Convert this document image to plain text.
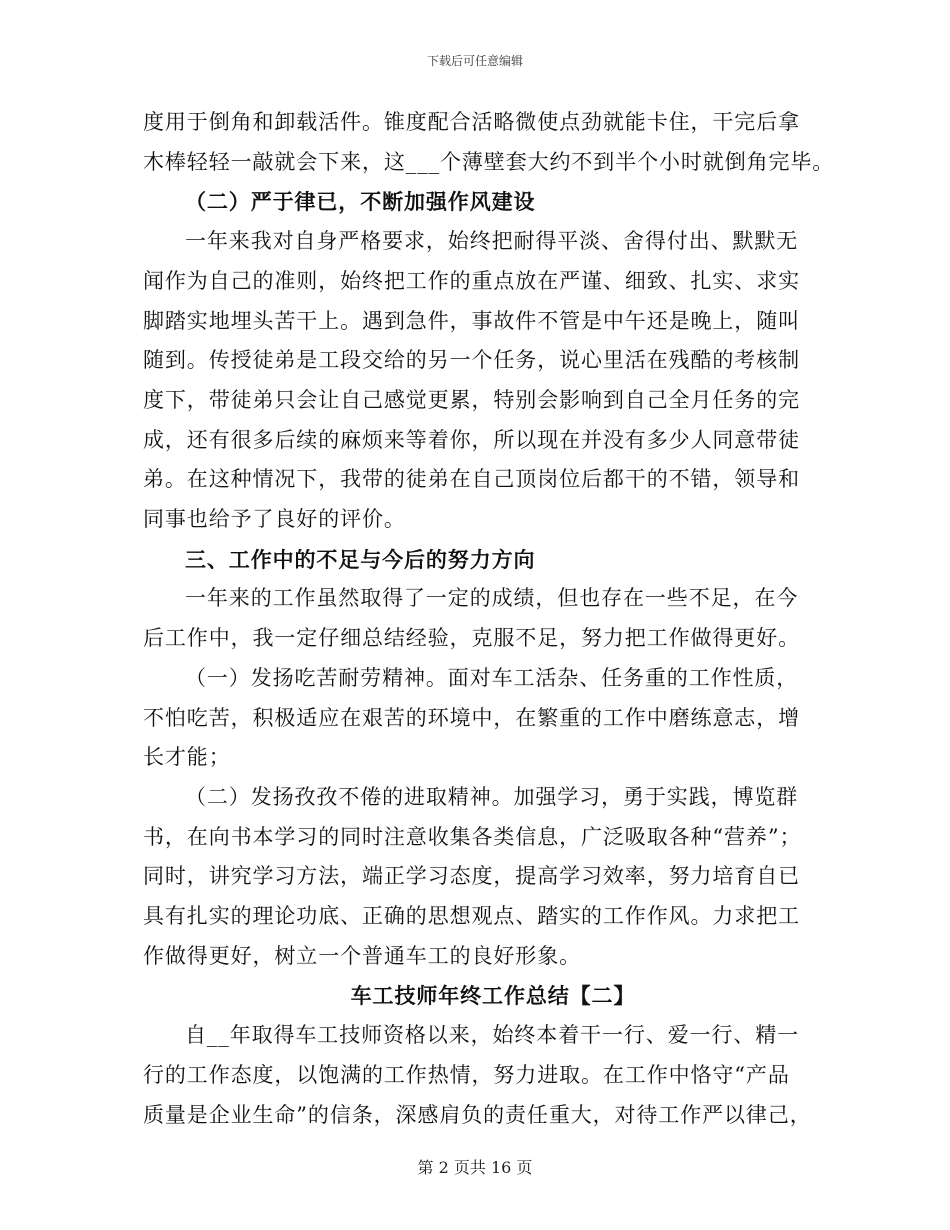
下载后可任意编辑
度用于倒角和卸载活件。锥度配合活略微使点劲就能卡住，干完后拿
木棒轻轻一敲就会下来，这___个薄壁套大约不到半个小时就倒角完毕。
（二）严于律已，不断加强作风建设
一年来我对自身严格要求，始终把耐得平淡、舍得付出、默默无
闻作为自己的准则，始终把工作的重点放在严谨、细致、扎实、求实
脚踏实地埋头苦干上。遇到急件，事故件不管是中午还是晚上，随叫
随到。传授徒弟是工段交给的另一个任务，说心里活在残酷的考核制
度下，带徒弟只会让自己感觉更累，特别会影响到自己全月任务的完
成，还有很多后续的麻烦来等着你，所以现在并没有多少人同意带徒
弟。在这种情况下，我带的徒弟在自己顶岗位后都干的不错，领导和
同事也给予了良好的评价。
三、工作中的不足与今后的努力方向
一年来的工作虽然取得了一定的成绩，但也存在一些不足，在今
后工作中，我一定仔细总结经验，克服不足，努力把工作做得更好。
（一）发扬吃苦耐劳精神。面对车工活杂、任务重的工作性质，
不怕吃苦，积极适应在艰苦的环境中，在繁重的工作中磨练意志，增
长才能；
（二）发扬孜孜不倦的进取精神。加强学习，勇于实践，博览群
书，在向书本学习的同时注意收集各类信息，广泛吸取各种“营养”；
同时，讲究学习方法，端正学习态度，提高学习效率，努力培育自已
具有扎实的理论功底、正确的思想观点、踏实的工作作风。力求把工
作做得更好，树立一个普通车工的良好形象。
车工技师年终工作总结【二】
自__年取得车工技师资格以来，始终本着干一行、爱一行、精一
行的工作态度，以饱满的工作热情，努力进取。在工作中恪守“产品
质量是企业生命”的信条，深感肩负的责任重大，对待工作严以律己，
第 2 页共 16 页
